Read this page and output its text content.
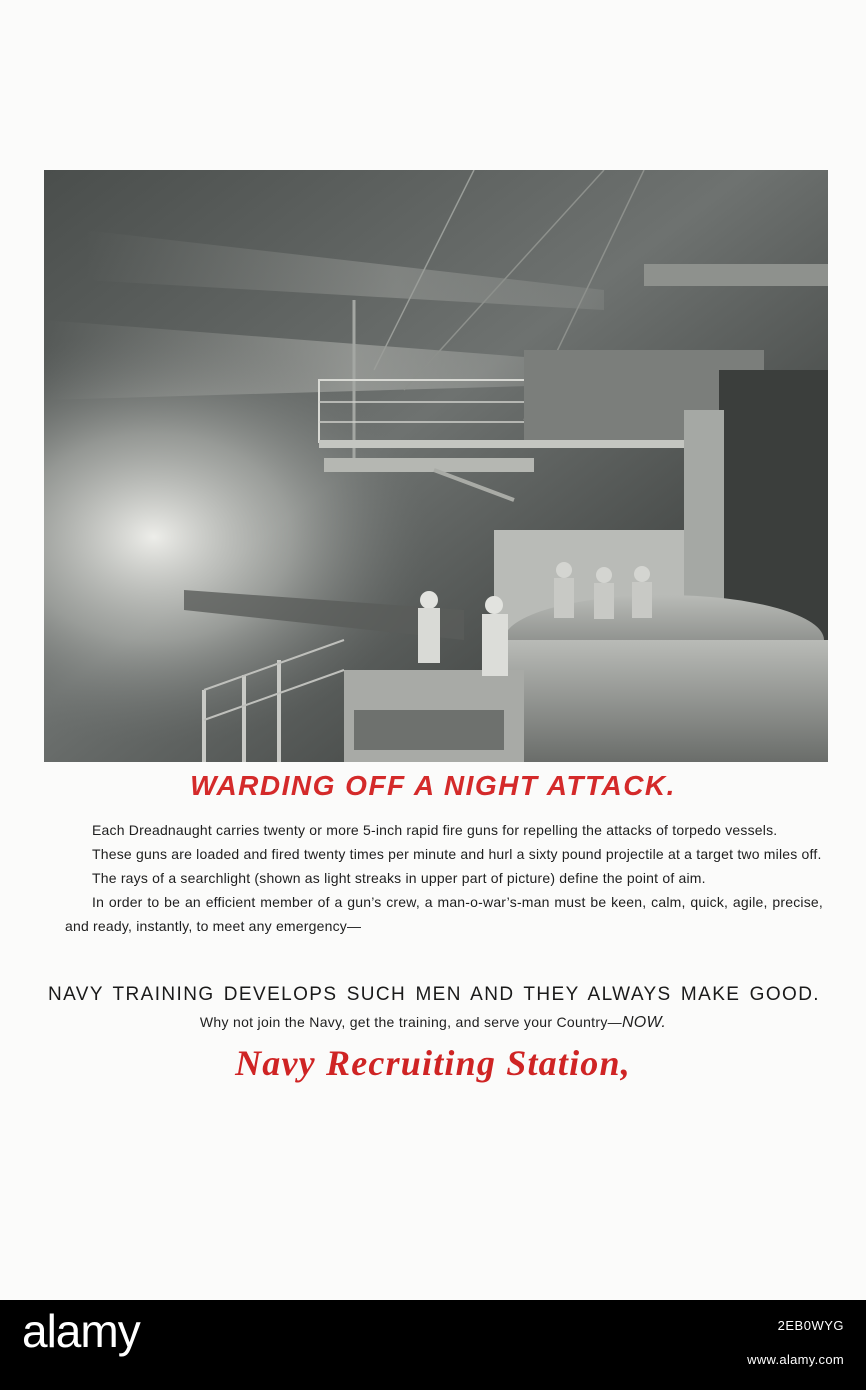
WARDING OFF A NIGHT ATTACK.

Each Dreadnaught carries twenty or more 5-inch rapid fire guns for repelling the attacks of torpedo vessels.

These guns are loaded and fired twenty times per minute and hurl a sixty pound projectile at a target two miles off.

The rays of a searchlight (shown as light streaks in upper part of picture) define the point of aim.

In order to be an efficient member of a gun’s crew, a man-o-war’s-man must be keen, calm, quick, agile, precise, and ready, instantly, to meet any emergency—

NAVY TRAINING DEVELOPS SUCH MEN AND THEY ALWAYS MAKE GOOD.
Why not join the Navy, get the training, and serve your Country—NOW.
Navy Recruiting Station,
alamy	2EB0WYG
www.alamy.com
